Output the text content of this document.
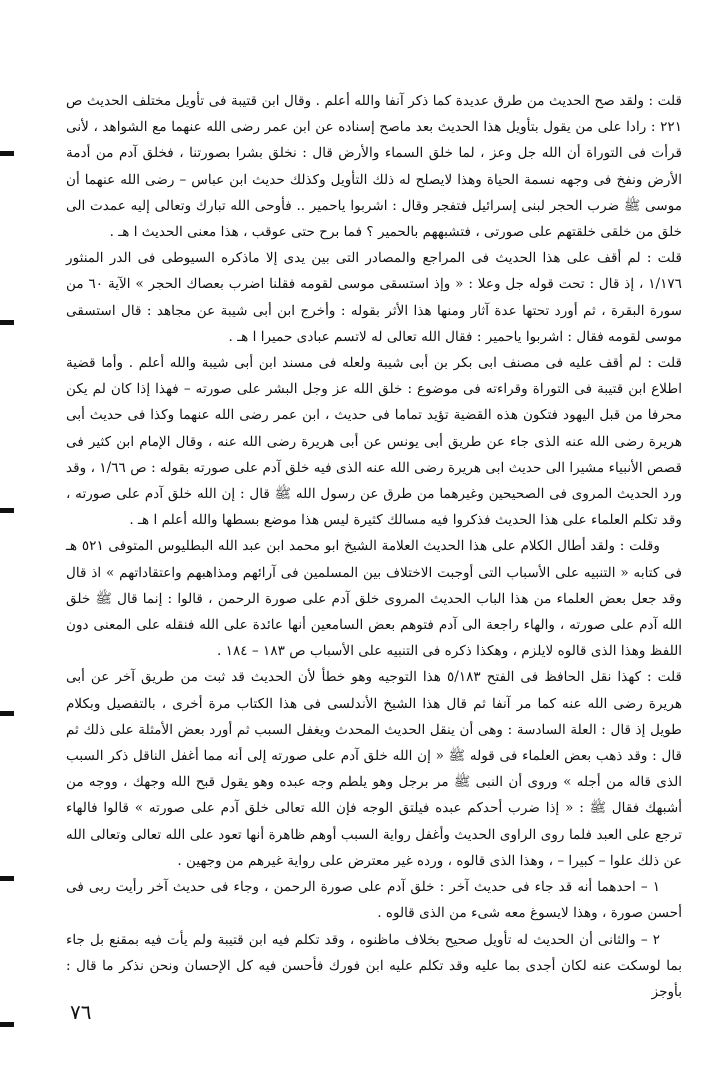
قلت : ولقد صح الحديث من طرق عديدة كما ذكر آنفا والله أعلم . وقال ابن قتيبة فى تأويل مختلف الحديث ص ٢٢١ : رادا على من يقول بتأويل هذا الحديث بعد ماصح إسناده عن ابن عمر رضى الله عنهما مع الشواهد ، لأنى قرأت فى التوراة أن الله جل وعز ، لما خلق السماء والأرض قال : نخلق بشرا بصورتنا ، فخلق آدم من أدمة الأرض ونفخ فى وجهه نسمة الحياة وهذا لايصلح له ذلك التأويل وكذلك حديث ابن عباس – رضى الله عنهما أن موسى ﷺ ضرب الحجر لبنى إسرائيل فتفجر وقال : اشربوا ياحمير .. فأوحى الله تبارك وتعالى إليه عمدت الى خلق من خلقى خلقتهم على صورتى ، فتشبههم بالحمير ؟ فما برح حتى عوقب ، هذا معنى الحديث ا هـ .

قلت : لم أقف على هذا الحديث فى المراجع والمصادر التى بين يدى إلا ماذكره السيوطى فى الدر المنثور ١/١٧٦ ، إذ قال : تحت قوله جل وعلا : « وإذ استسقى موسى لقومه فقلنا اضرب بعصاك الحجر » الآية ٦٠ من سورة البقرة ، ثم أورد تحتها عدة آثار ومنها هذا الأثر بقوله : وأخرج ابن أبى شيبة عن مجاهد : قال استسقى موسى لقومه فقال : اشربوا ياحمير : فقال الله تعالى له لاتسم عبادى حميرا ا هـ .

قلت : لم أقف عليه فى مصنف ابى بكر بن أبى شيبة ولعله فى مسند ابن أبى شيبة والله أعلم . وأما قضية اطلاع ابن قتيبة فى التوراة وقراءته فى موضوع : خلق الله عز وجل البشر على صورته – فهذا إذا كان لم يكن محرفا من قبل اليهود فتكون هذه القضية تؤيد تماما فى حديث ، ابن عمر رضى الله عنهما وكذا فى حديث أبى هريرة رضى الله عنه الذى جاء عن طريق أبى يونس عن أبى هريرة رضى الله عنه ، وقال الإمام ابن كثير فى قصص الأنبياء مشيرا الى حديث ابى هريرة رضى الله عنه الذى فيه خلق آدم على صورته بقوله : ص ١/٦٦ ، وقد ورد الحديث المروى فى الصحيحين وغيرهما من طرق عن رسول الله ﷺ قال : إن الله خلق آدم على صورته ، وقد تكلم العلماء على هذا الحديث فذكروا فيه مسالك كثيرة ليس هذا موضع بسطها والله أعلم ا هـ .

وقلت : ولقد أطال الكلام على هذا الحديث العلامة الشيخ ابو محمد ابن عبد الله البطليوس المتوفى ٥٢١ هـ فى كتابه « التنبيه على الأسباب التى أوجبت الاختلاف بين المسلمين فى آرائهم ومذاهبهم واعتقاداتهم » اذ قال وقد جعل بعض العلماء من هذا الباب الحديث المروى خلق آدم على صورة الرحمن ، قالوا : إنما قال ﷺ خلق الله آدم على صورته ، والهاء راجعة الى آدم فتوهم بعض السامعين أنها عائدة على الله فنقله على المعنى دون اللفظ وهذا الذى قالوه لايلزم ، وهكذا ذكره فى التنبيه على الأسباب ص ١٨٣ – ١٨٤ .

قلت : كهذا نقل الحافظ فى الفتح ٥/١٨٣ هذا التوجيه وهو خطأ لأن الحديث قد ثبت من طريق آخر عن أبى هريرة رضى الله عنه كما مر آنفا ثم قال هذا الشيخ الأندلسى فى هذا الكتاب مرة أخرى ، بالتفصيل وبكلام طويل إذ قال : العلة السادسة : وهى أن ينقل الحديث المحدث ويغفل السبب ثم أورد بعض الأمثلة على ذلك ثم قال : وقد ذهب بعض العلماء فى قوله ﷺ « إن الله خلق آدم على صورته إلى أنه مما أغفل الناقل ذكر السبب الذى قاله من أجله » وروى أن النبى ﷺ مر برجل وهو يلطم وجه عبده وهو يقول قبح الله وجهك ، ووجه من أشبهك فقال ﷺ : « إذا ضرب أحدكم عبده فيلتق الوجه فإن الله تعالى خلق آدم على صورته » قالوا فالهاء ترجع على العبد فلما روى الراوى الحديث وأغفل رواية السبب أوهم ظاهرة أنها تعود على الله تعالى وتعالى الله عن ذلك علوا – كبيرا – ، وهذا الذى قالوه ، ورده غير معترض على رواية غيرهم من وجهين .

١ – احدهما أنه قد جاء فى حديث آخر : خلق آدم على صورة الرحمن ، وجاء فى حديث آخر رأيت ربى فى أحسن صورة ، وهذا لايسوغ معه شىء من الذى قالوه .

٢ – والثانى أن الحديث له تأويل صحيح بخلاف ماظنوه ، وقد تكلم فيه ابن قتيبة ولم يأت فيه بمقنع بل جاء بما لوسكت عنه لكان أجدى بما عليه وقد تكلم عليه ابن فورك فأحسن فيه كل الإحسان ونحن نذكر ما قال : بأوجز

٧٦
